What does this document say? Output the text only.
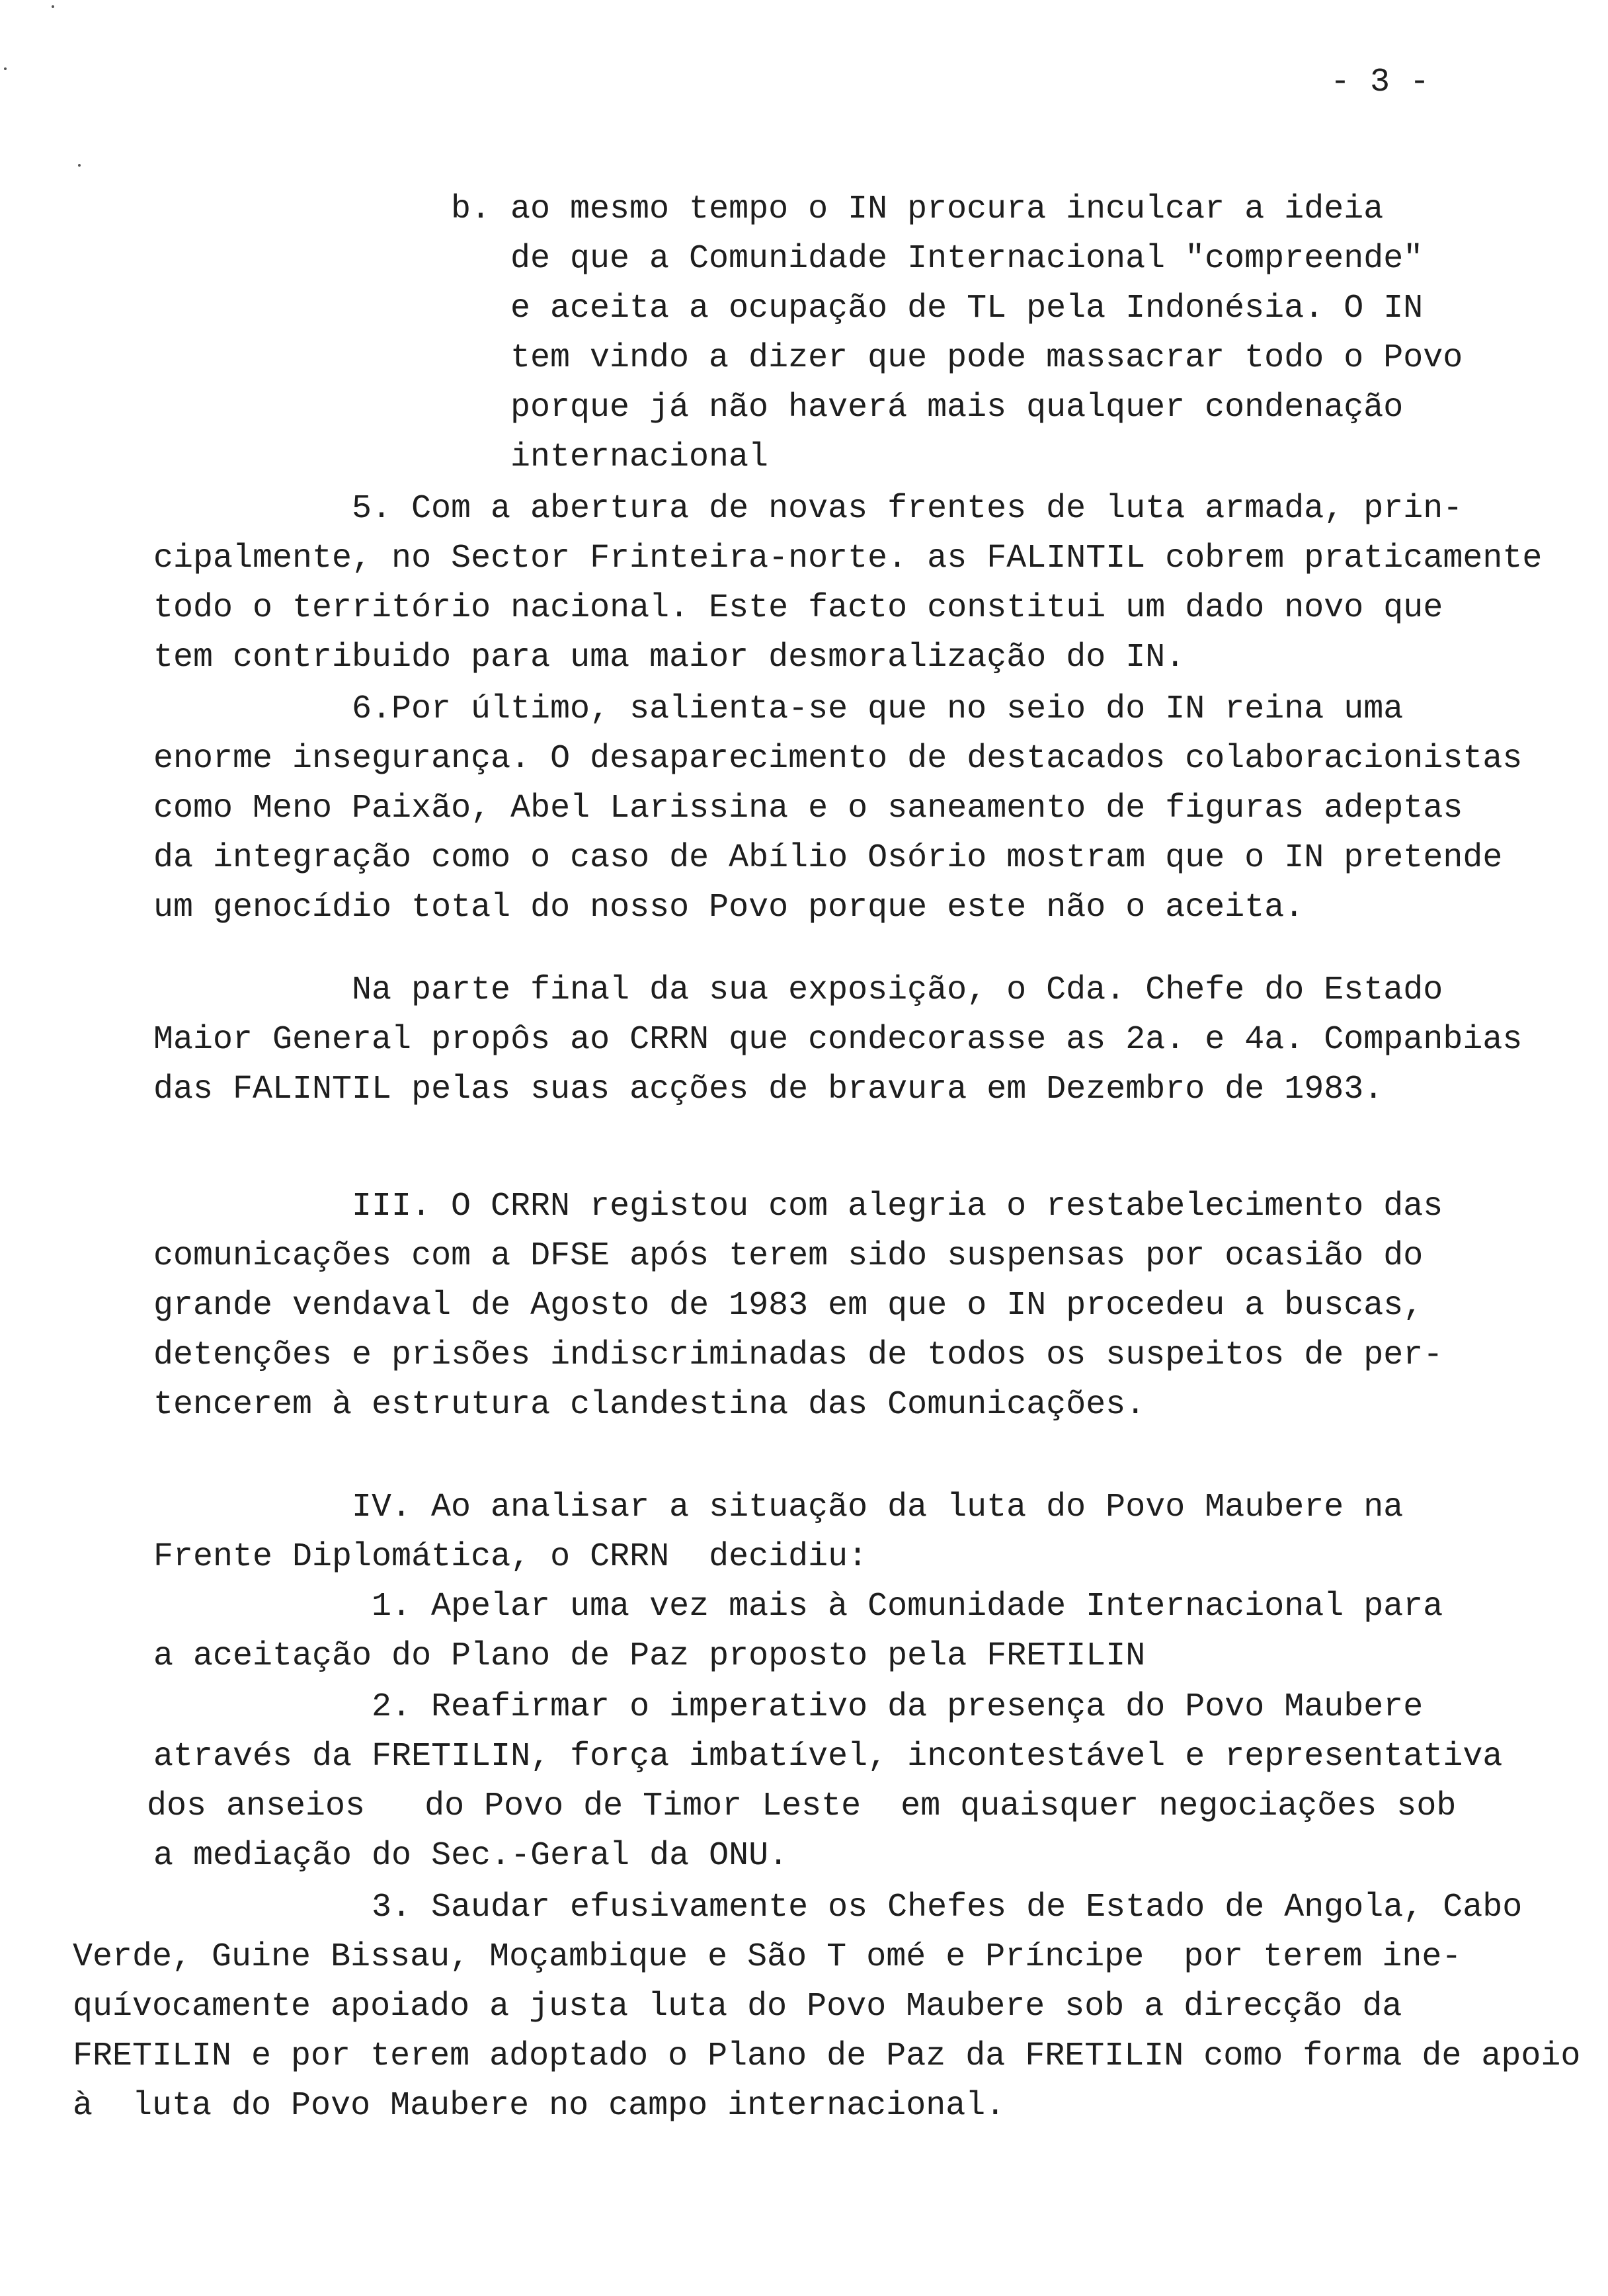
- 3 -
b. ao mesmo tempo o IN procura inculcar a ideia
de que a Comunidade Internacional "compreende"
e aceita a ocupação de TL pela Indonésia. O IN
tem vindo a dizer que pode massacrar todo o Povo
porque já não haverá mais qualquer condenação
internacional
5. Com a abertura de novas frentes de luta armada, prin-
cipalmente, no Sector Frinteira-norte. as FALINTIL cobrem praticamente
todo o território nacional. Este facto constitui um dado novo que
tem contribuido para uma maior desmoralização do IN.
6.Por último, salienta-se que no seio do IN reina uma
enorme insegurança. O desaparecimento de destacados colaboracionistas
como Meno Paixão, Abel Larissina e o saneamento de figuras adeptas
da integração como o caso de Abílio Osório mostram que o IN pretende
um genocídio total do nosso Povo porque este não o aceita.
Na parte final da sua exposição, o Cda. Chefe do Estado
Maior General propôs ao CRRN que condecorasse as 2a. e 4a. Companbias
das FALINTIL pelas suas acções de bravura em Dezembro de 1983.
III. O CRRN registou com alegria o restabelecimento das
comunicações com a DFSE após terem sido suspensas por ocasião do
grande vendaval de Agosto de 1983 em que o IN procedeu a buscas,
detenções e prisões indiscriminadas de todos os suspeitos de per-
tencerem à estrutura clandestina das Comunicações.
IV. Ao analisar a situação da luta do Povo Maubere na
Frente Diplomática, o CRRN  decidiu:
1. Apelar uma vez mais à Comunidade Internacional para
a aceitação do Plano de Paz proposto pela FRETILIN
2. Reafirmar o imperativo da presença do Povo Maubere
através da FRETILIN, força imbatível, incontestável e representativa
dos anseios   do Povo de Timor Leste  em quaisquer negociações sob
a mediação do Sec.-Geral da ONU.
3. Saudar efusivamente os Chefes de Estado de Angola, Cabo
Verde, Guine Bissau, Moçambique e São T omé e Príncipe  por terem ine-
quívocamente apoiado a justa luta do Povo Maubere sob a direcção da
FRETILIN e por terem adoptado o Plano de Paz da FRETILIN como forma de apoio
à  luta do Povo Maubere no campo internacional.
